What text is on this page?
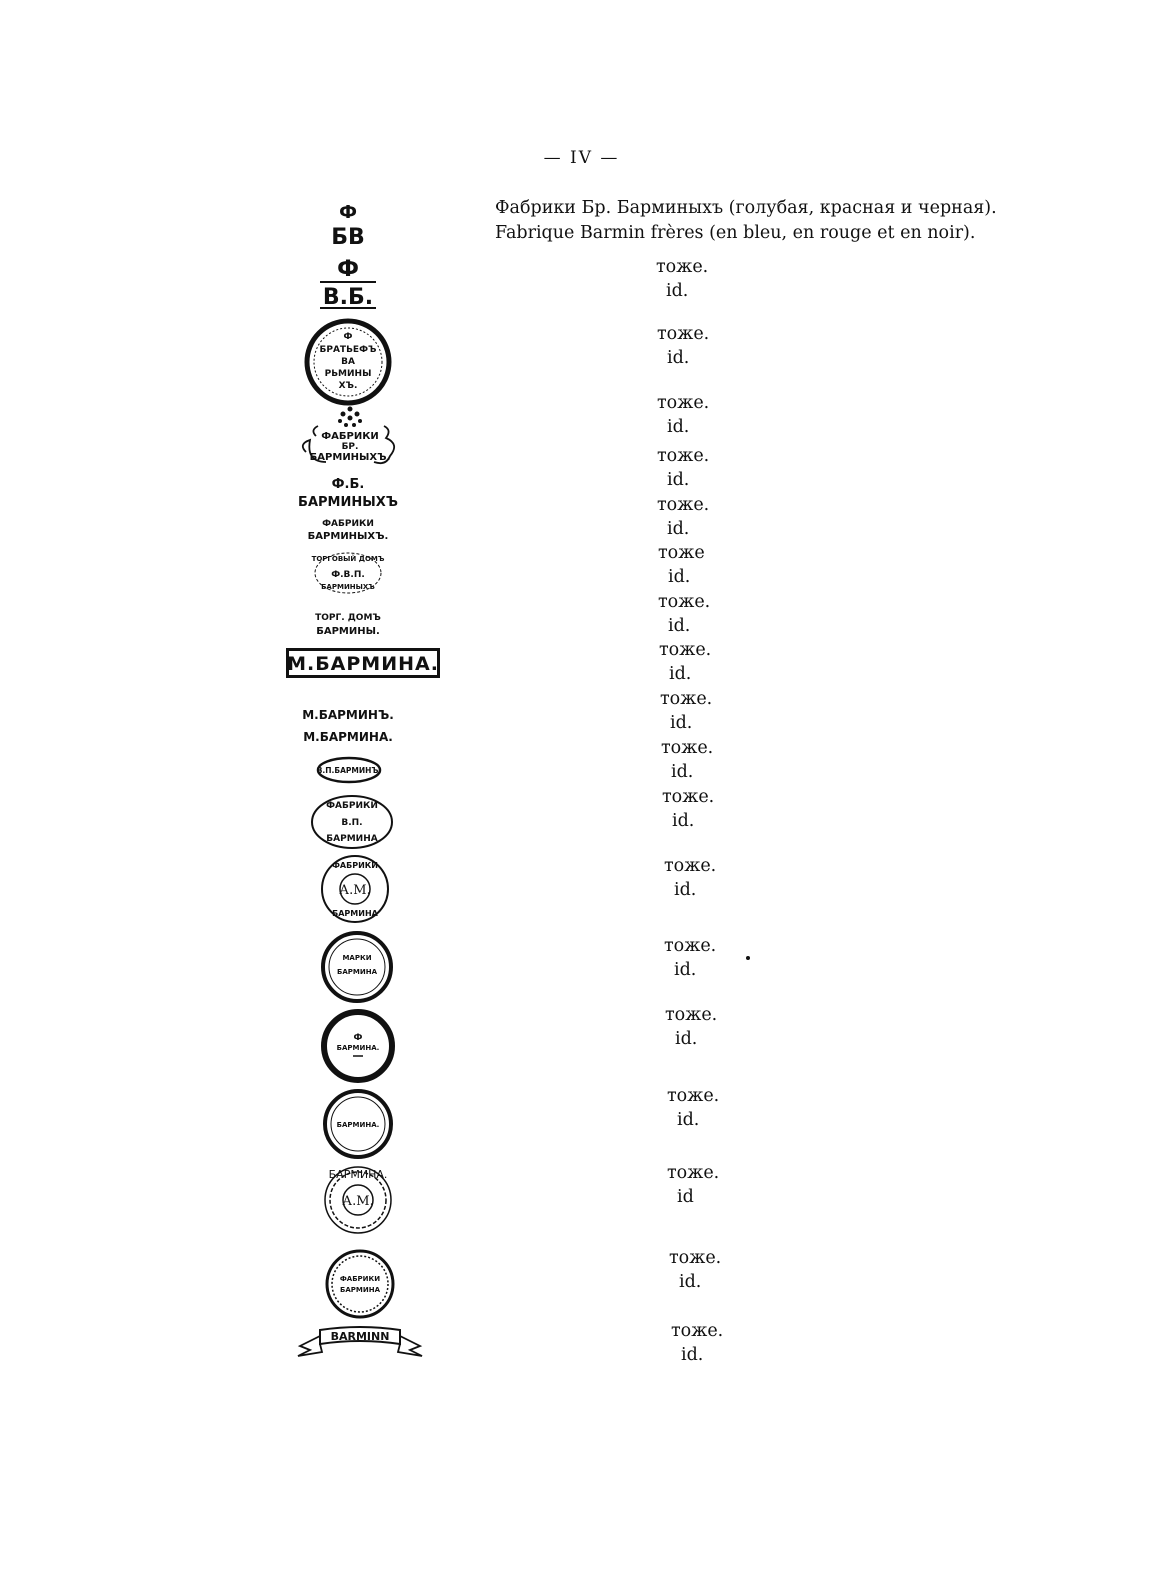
— IV —
Фабрики Бр. Барминыхъ (голубая, красная и черная).
Fabrique Barmin frères (en bleu, en rouge et en noir).
Ф
БВ
Ф
В.Б.
Ф
БРАТЬЕФЪ
ВА
РЬМИНЫ
ХЪ.
ФАБРИКИ
БР.
БАРМИНЫХЪ.
Ф.Б.
БАРМИНЫХЪ
ФАБРИКИ
БАРМИНЫХЪ.
ТОРГОВЫЙ ДОМЪ
Ф.В.П.
БАРМИНЫХЪ
ТОРГ. ДОМЪ
БАРМИНЫ.
М.БАРМИНА.
М.БАРМИНЪ.
М.БАРМИНА.
В.П.БАРМИНЪ.
ФАБРИКИ
В.П.
БАРМИНА
ФАБРИКИ
А.М.
БАРМИНА
МАРКИ
БАРМИНА
Ф
БАРМИНА.
БАРМИНА.
БАРМИНА.
А.М.
ФАБРИКИ
БАРМИНА
BARMINN
тоже.
id.
тоже.
id.
тоже.
id.
тоже.
id.
тоже.
id.
тоже
id.
тоже.
id.
тоже.
id.
тоже.
id.
тоже.
id.
тоже.
id.
тоже.
id.
тоже.
id.
тоже.
id.
тоже.
id.
тоже.
id
тоже.
id.
тоже.
id.
